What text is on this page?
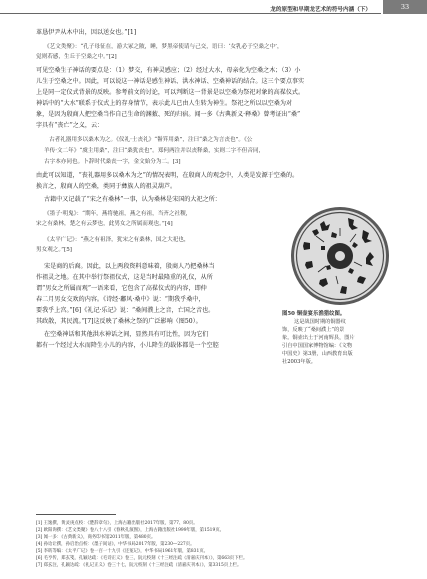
龙的原型和早期龙艺术的符号内涵（下）	33
革恳伊尹从木中出，因以送女也。”[1]
《艺文类聚》：“孔子母征在，游大冢之陂，睡，梦黑帝使请与己交，语曰：‘女乳必于空桑之中’，
觉则若感，生丘于空桑之中。”[2]
可见空桑生子神话的要点是：（1）梦交，有神灵感应；（2）经过大水，母亲化为空桑之木；（3）小
儿生于空桑之中。因此，可以说这一神话是感生神话、洪水神话、空桑神话的结合。这三个要点事实
上是同一定仪式背景的反映。参考前文的讨论，可以判断这一背景是以空桑为祭祀对象的高禖仪式。
神话中的“大水”联系于仪式上的存身情节，表示此儿已由人生转为神生。祭祀之所以以空桑为对
象，是因为殷商人把空桑当作自己生命的渊薮、死的归宿。闻一多《古典新义·释桑》曾考证出“桑”
字具有“丧亡”之义，云：
古者礼器用多以桑木为之。《仪礼·士丧礼》“鬠笄用桑”，注曰“桑之为言丧也”。《公
羊传·文二年》“虞主用桑”，注曰“桑犹丧也”。郑何两注并以丧释桑，实则二字不但音同，
古字本亦同也。卜辞时代桑丧一字，金文始分为二。[3]
由此可以知道，“丧礼器用多以桑木为之”的情况表明，在殷商人的观念中，人类是发源于空桑的。
换言之，殷商人的空桑，类同于彝族人的祖灵葫芦。
古籍中又记载了“宋之有桑林”一事，认为桑林是宋国的大祀之所：
《墨子·明鬼》：“期年，燕将驰祖，燕之有祖，当齐之社稷，
宋之有桑林，楚之有云梦也，此男女之所属而观也。”[4]
《太平广记》：“燕之有祖泽，犹宋之有桑林，国之大祀也，
男女观之。”[5]
宋是商的后裔。因此，以上两段资料意味着，殷商人乃把桑林当
作祖灵之地。在其中举行祭祖仪式，这是当时最隆重的礼仪，从所
谓“男女之所属而观”一语来看，它包含了高禖仪式的内容，即仲
春二月男女交欢的内容。《诗经·鄘风·桑中》说：“期我乎桑中，
要我乎上宫。”[6]《礼记·乐记》说：“桑间濮上之音，亡国之音也。
其政散，其民流。”[7]这反映了桑林之祭的广泛影响（图50）。
在空桑神话和其他洪水神话之间，显然具有可比性，因为它们
都有一个经过大水而降生小儿的内容，小儿降生的载体都是一个空腔
图50 铜壶宴乐渔猎纹图。
这是战国时期的铜器纹
饰，反映了“桑间濮上”的景
象。铜壶出土于河南辉县，图片
引自中国国家博物馆编：《文物
中国史》第3册，山西教育出版
社2003年版。
[1] 王逸撰，黄灵庚点校：《楚辞章句》，上海古籍出版社2017年版，第77、80页。
[2] 欧阳询撰：《艺文类聚》卷八十八引《春秋孔演图》，上海古籍出版社1999年版，第1519页。
[3] 闻一多：《古典新义》，商务印书馆2011年版，第480页。
[4] 孙诒让撰，孙启治点校：《墨子间诂》，中华书局2017年版，第230—227页。
[5] 李昉等编：《太平广记》卷一百一十九引《还冤记》，中华书局1961年版，第831页。
[6] 毛亨传，郑玄笺，孔颖达疏：《毛诗正义》卷三，阮元校刻《十三经注疏（清嘉庆刊本）》，第663页下栏。
[7] 郑玄注，孔颖达疏：《礼记正义》卷三十七，阮元校刻《十三经注疏（清嘉庆刊本）》，第3315页上栏。
